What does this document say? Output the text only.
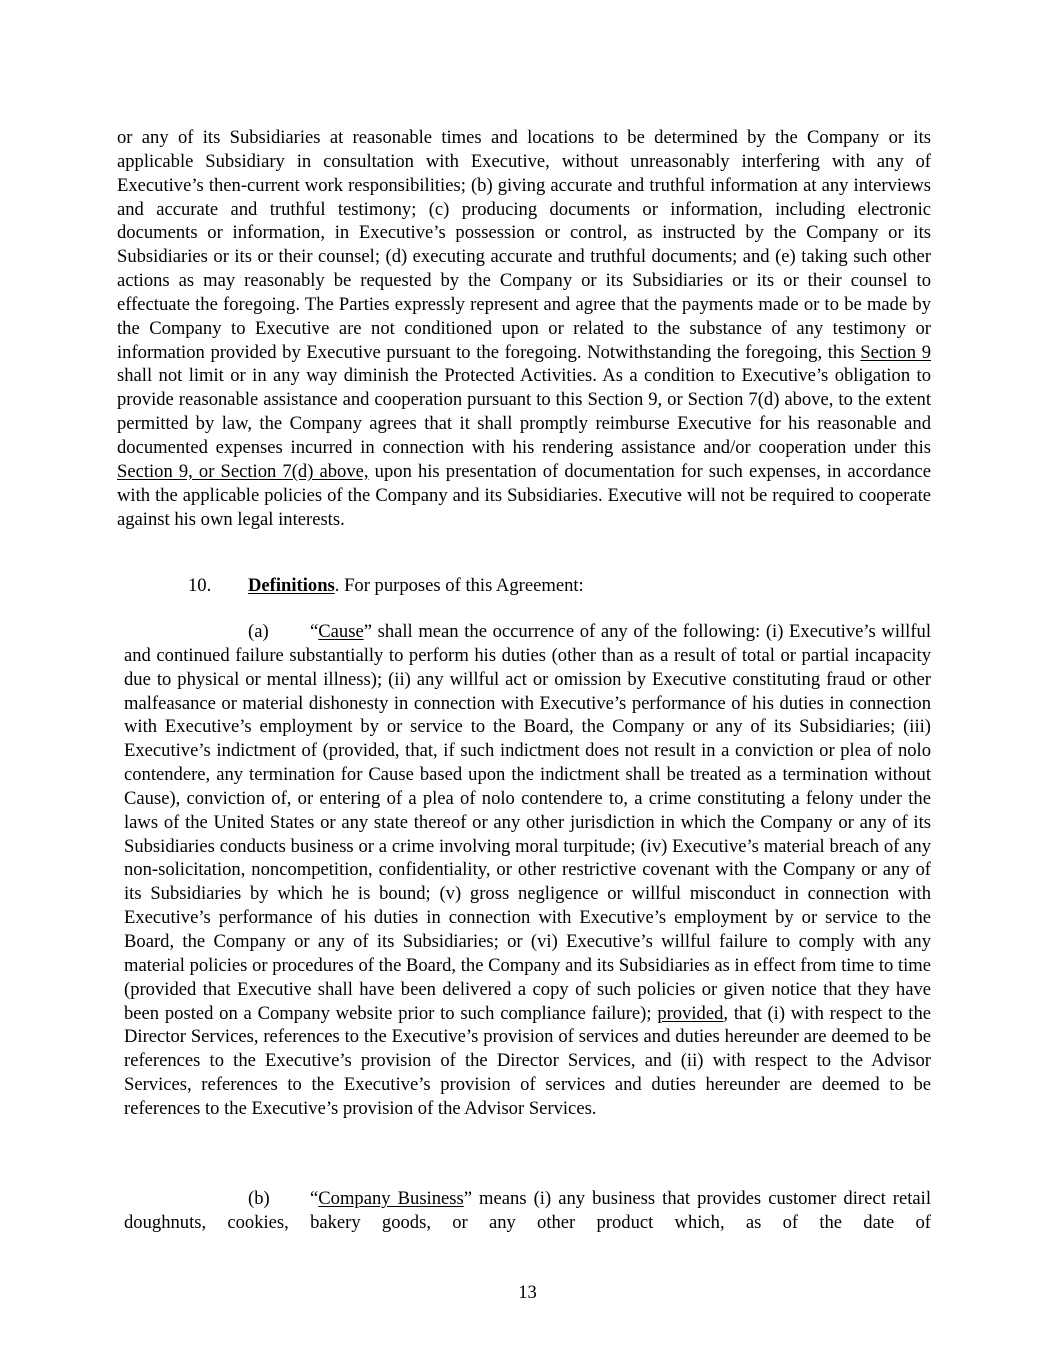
or any of its Subsidiaries at reasonable times and locations to be determined by the Company or its applicable Subsidiary in consultation with Executive, without unreasonably interfering with any of Executive’s then-current work responsibilities; (b) giving accurate and truthful information at any interviews and accurate and truthful testimony; (c) producing documents or information, including electronic documents or information, in Executive’s possession or control, as instructed by the Company or its Subsidiaries or its or their counsel; (d) executing accurate and truthful documents; and (e) taking such other actions as may reasonably be requested by the Company or its Subsidiaries or its or their counsel to effectuate the foregoing. The Parties expressly represent and agree that the payments made or to be made by the Company to Executive are not conditioned upon or related to the substance of any testimony or information provided by Executive pursuant to the foregoing. Notwithstanding the foregoing, this Section 9 shall not limit or in any way diminish the Protected Activities. As a condition to Executive’s obligation to provide reasonable assistance and cooperation pursuant to this Section 9, or Section 7(d) above, to the extent permitted by law, the Company agrees that it shall promptly reimburse Executive for his reasonable and documented expenses incurred in connection with his rendering assistance and/or cooperation under this Section 9, or Section 7(d) above, upon his presentation of documentation for such expenses, in accordance with the applicable policies of the Company and its Subsidiaries. Executive will not be required to cooperate against his own legal interests.

10. Definitions. For purposes of this Agreement:

(a) “Cause” shall mean the occurrence of any of the following: (i) Executive’s willful and continued failure substantially to perform his duties (other than as a result of total or partial incapacity due to physical or mental illness); (ii) any willful act or omission by Executive constituting fraud or other malfeasance or material dishonesty in connection with Executive’s performance of his duties in connection with Executive’s employment by or service to the Board, the Company or any of its Subsidiaries; (iii) Executive’s indictment of (provided, that, if such indictment does not result in a conviction or plea of nolo contendere, any termination for Cause based upon the indictment shall be treated as a termination without Cause), conviction of, or entering of a plea of nolo contendere to, a crime constituting a felony under the laws of the United States or any state thereof or any other jurisdiction in which the Company or any of its Subsidiaries conducts business or a crime involving moral turpitude; (iv) Executive’s material breach of any non-solicitation, noncompetition, confidentiality, or other restrictive covenant with the Company or any of its Subsidiaries by which he is bound; (v) gross negligence or willful misconduct in connection with Executive’s performance of his duties in connection with Executive’s employment by or service to the Board, the Company or any of its Subsidiaries; or (vi) Executive’s willful failure to comply with any material policies or procedures of the Board, the Company and its Subsidiaries as in effect from time to time (provided that Executive shall have been delivered a copy of such policies or given notice that they have been posted on a Company website prior to such compliance failure); provided, that (i) with respect to the Director Services, references to the Executive’s provision of services and duties hereunder are deemed to be references to the Executive’s provision of the Director Services, and (ii) with respect to the Advisor Services, references to the Executive’s provision of services and duties hereunder are deemed to be references to the Executive’s provision of the Advisor Services.

(b) “Company Business” means (i) any business that provides customer direct retail doughnuts, cookies, bakery goods, or any other product which, as of the date of

13
